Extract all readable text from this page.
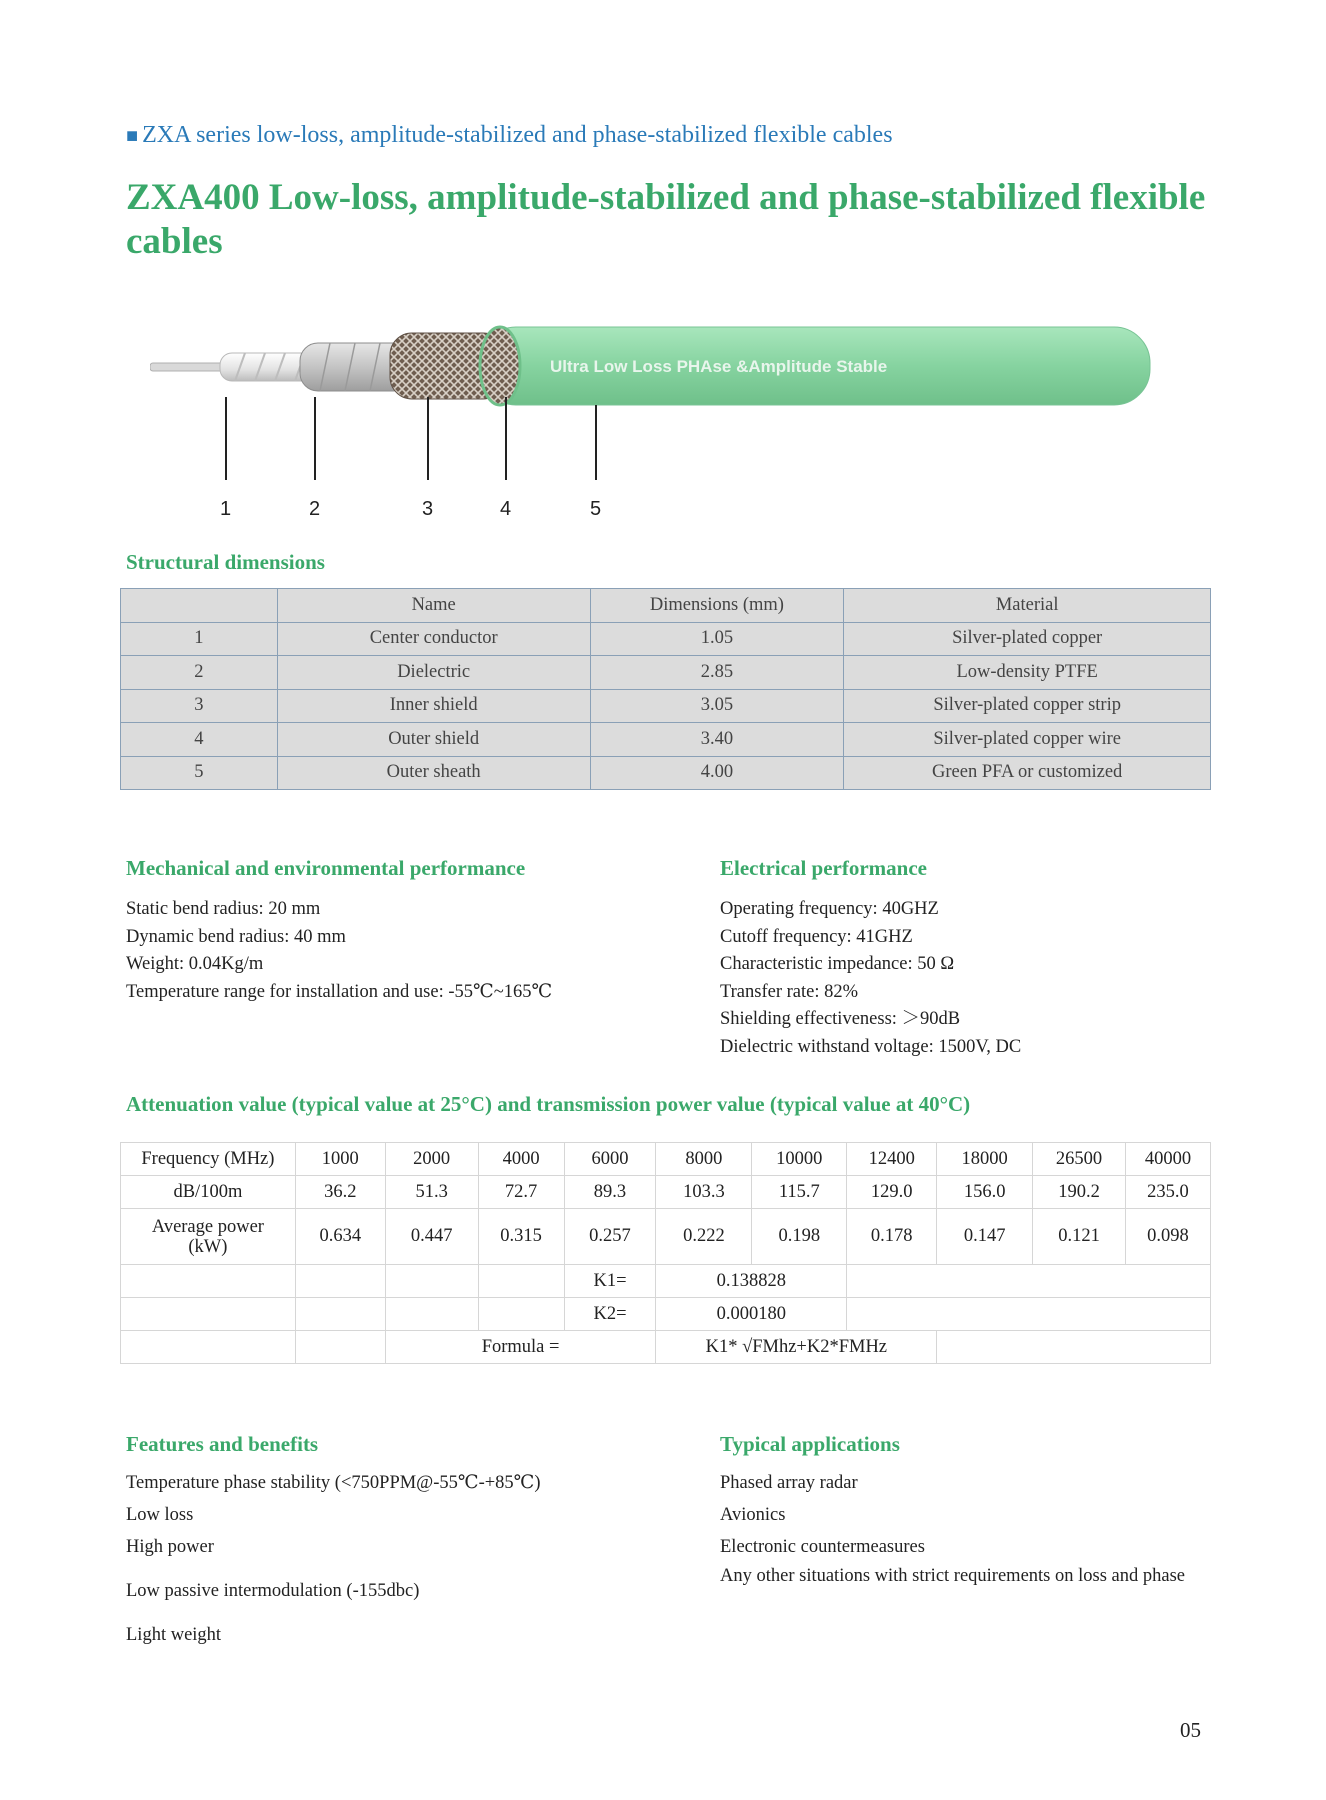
■ ZXA series low-loss, amplitude-stabilized and phase-stabilized flexible cables
ZXA400 Low-loss, amplitude-stabilized and phase-stabilized flexible cables
Ultra Low Loss PHAse &Amplitude Stable
1	2	3	4	5
Structural dimensions
	Name	Dimensions (mm)	Material
1	Center conductor	1.05	Silver-plated copper
2	Dielectric	2.85	Low-density PTFE
3	Inner shield	3.05	Silver-plated copper strip
4	Outer shield	3.40	Silver-plated copper wire
5	Outer sheath	4.00	Green PFA or customized
Mechanical and environmental performance
Static bend radius: 20 mm
Dynamic bend radius: 40 mm
Weight: 0.04Kg/m
Temperature range for installation and use: -55℃~165℃
Electrical performance
Operating frequency: 40GHZ
Cutoff frequency: 41GHZ
Characteristic impedance: 50 Ω
Transfer rate: 82%
Shielding effectiveness: ＞90dB
Dielectric withstand voltage: 1500V, DC
Attenuation value (typical value at 25°C) and transmission power value (typical value at 40°C)
Frequency (MHz)	1000	2000	4000	6000	8000	10000	12400	18000	26500	40000
dB/100m	36.2	51.3	72.7	89.3	103.3	115.7	129.0	156.0	190.2	235.0

Average power
(kW)	0.634	0.447	0.315	0.257	0.222	0.198	0.178	0.147	0.121	0.098
				K1=	0.138828					
				K2=	0.000180					
		Formula =			K1* √FMhz+K2*FMHz					
Features and benefits
Temperature phase stability (<750PPM@-55℃-+85℃)
Low loss
High power
Low passive intermodulation (-155dbc)
Light weight
Typical applications
Phased array radar
Avionics
Electronic countermeasures
Any other situations with strict requirements on loss and phase
05
